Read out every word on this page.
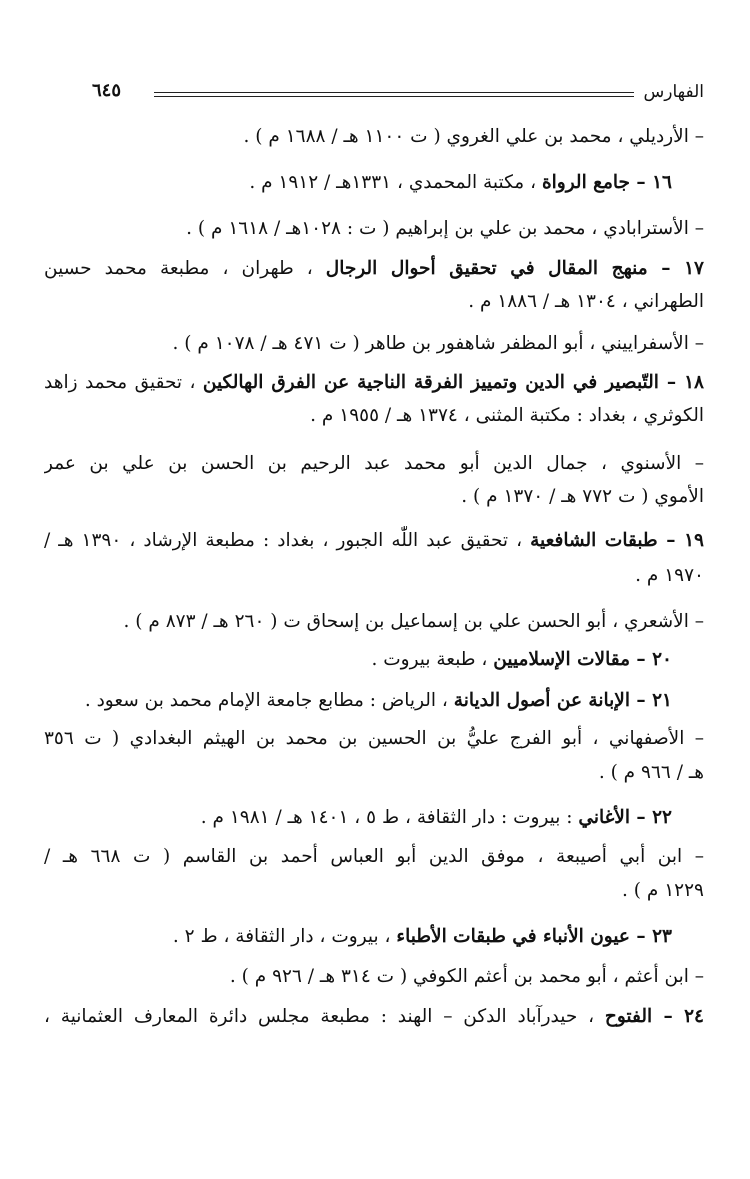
الفهارس
٦٤٥
– الأرديلي ، محمد بن علي الغروي ( ت ١١٠٠ هـ / ١٦٨٨ م ) .
١٦ – جامع الرواة ، مكتبة المحمدي ، ١٣٣١هـ / ١٩١٢ م .
– الأسترابادي ، محمد بن علي بن إبراهيم ( ت : ١٠٢٨هـ / ١٦١٨ م ) .
١٧ – منهج المقال في تحقيق أحوال الرجال ، طهران ، مطبعة محمد حسين
الطهراني ، ١٣٠٤ هـ / ١٨٨٦ م .
– الأسفراييني ، أبو المظفر شاهفور بن طاهر ( ت ٤٧١ هـ / ١٠٧٨ م ) .
١٨ – التّبصير في الدين وتمييز الفرقة الناجية عن الفرق الهالكين ، تحقيق محمد زاهد
الكوثري ، بغداد : مكتبة المثنى ، ١٣٧٤ هـ / ١٩٥٥ م .
– الأسنوي ، جمال الدين أبو محمد عبد الرحيم بن الحسن بن علي بن عمر
الأموي ( ت ٧٧٢ هـ / ١٣٧٠ م ) .
١٩ – طبقات الشافعية ، تحقيق عبد اللّٰه الجبور ، بغداد : مطبعة الإرشاد ، ١٣٩٠ هـ /
١٩٧٠ م .
– الأشعري ، أبو الحسن علي بن إسماعيل بن إسحاق ت ( ٢٦٠ هـ / ٨٧٣ م ) .
٢٠ – مقالات الإسلاميين ، طبعة بيروت .
٢١ – الإبانة عن أصول الديانة ، الرياض : مطابع جامعة الإمام محمد بن سعود .
– الأصفهاني ، أبو الفرج عليُّ بن الحسين بن محمد بن الهيثم البغدادي ( ت ٣٥٦
هـ / ٩٦٦ م ) .
٢٢ – الأغاني : بيروت : دار الثقافة ، ط ٥ ، ١٤٠١ هـ / ١٩٨١ م .
– ابن أبي أصيبعة ، موفق الدين أبو العباس أحمد بن القاسم ( ت ٦٦٨ هـ /
١٢٢٩ م ) .
٢٣ – عيون الأنباء في طبقات الأطباء ، بيروت ، دار الثقافة ، ط ٢ .
– ابن أعثم ، أبو محمد بن أعثم الكوفي ( ت ٣١٤ هـ / ٩٢٦ م ) .
٢٤ – الفتوح ، حيدرآباد الدكن – الهند : مطبعة مجلس دائرة المعارف العثمانية ،
